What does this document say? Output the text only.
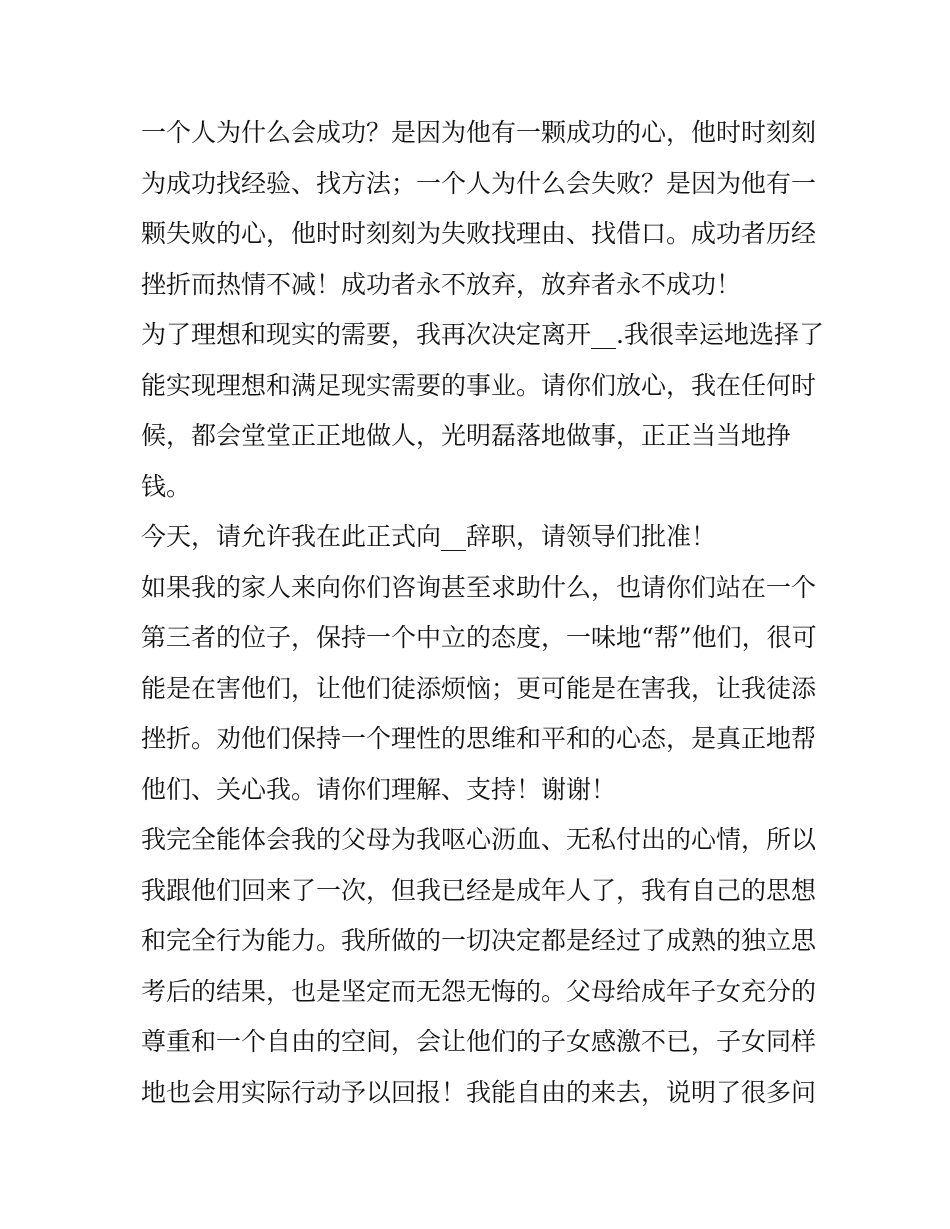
一个人为什么会成功？是因为他有一颗成功的心，他时时刻刻
为成功找经验、找方法；一个人为什么会失败？是因为他有一
颗失败的心，他时时刻刻为失败找理由、找借口。成功者历经
挫折而热情不减！成功者永不放弃，放弃者永不成功！
为了理想和现实的需要，我再次决定离开__.我很幸运地选择了
能实现理想和满足现实需要的事业。请你们放心，我在任何时
候，都会堂堂正正地做人，光明磊落地做事，正正当当地挣
钱。
今天，请允许我在此正式向__辞职，请领导们批准！
如果我的家人来向你们咨询甚至求助什么，也请你们站在一个
第三者的位子，保持一个中立的态度，一味地“帮”他们，很可
能是在害他们，让他们徒添烦恼；更可能是在害我，让我徒添
挫折。劝他们保持一个理性的思维和平和的心态，是真正地帮
他们、关心我。请你们理解、支持！谢谢！
我完全能体会我的父母为我呕心沥血、无私付出的心情，所以
我跟他们回来了一次，但我已经是成年人了，我有自己的思想
和完全行为能力。我所做的一切决定都是经过了成熟的独立思
考后的结果，也是坚定而无怨无悔的。父母给成年子女充分的
尊重和一个自由的空间，会让他们的子女感激不已，子女同样
地也会用实际行动予以回报！我能自由的来去，说明了很多问
